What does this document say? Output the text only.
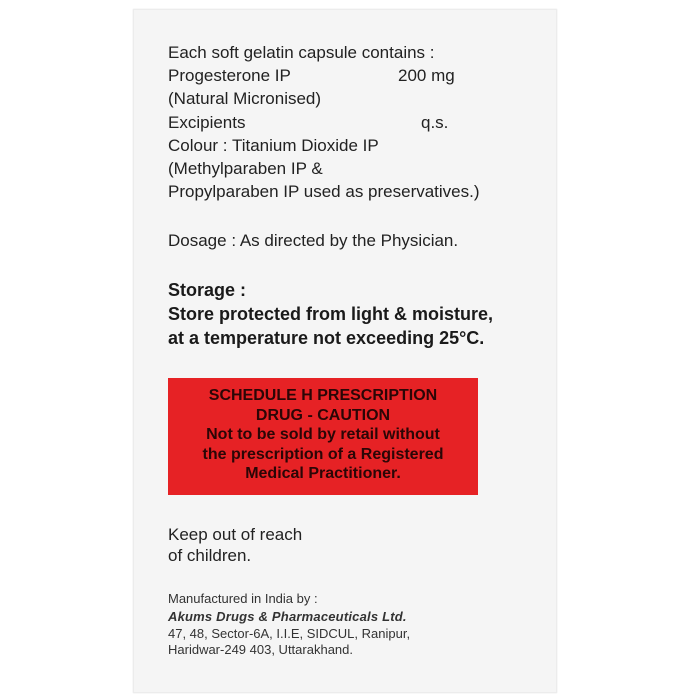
Each soft gelatin capsule contains :
Progesterone IP	200 mg
(Natural Micronised)
Excipients	q.s.
Colour : Titanium Dioxide IP
(Methylparaben IP &
Propylparaben IP used as preservatives.)
Dosage : As directed by the Physician.
Storage :
Store protected from light & moisture,
at a temperature not exceeding 25°C.
SCHEDULE H PRESCRIPTION
DRUG - CAUTION
Not to be sold by retail without
the prescription of a Registered
Medical Practitioner.
Keep out of reach
of children.
Manufactured in India by :
Akums Drugs & Pharmaceuticals Ltd.
47, 48, Sector-6A, I.I.E, SIDCUL, Ranipur,
Haridwar-249 403, Uttarakhand.
